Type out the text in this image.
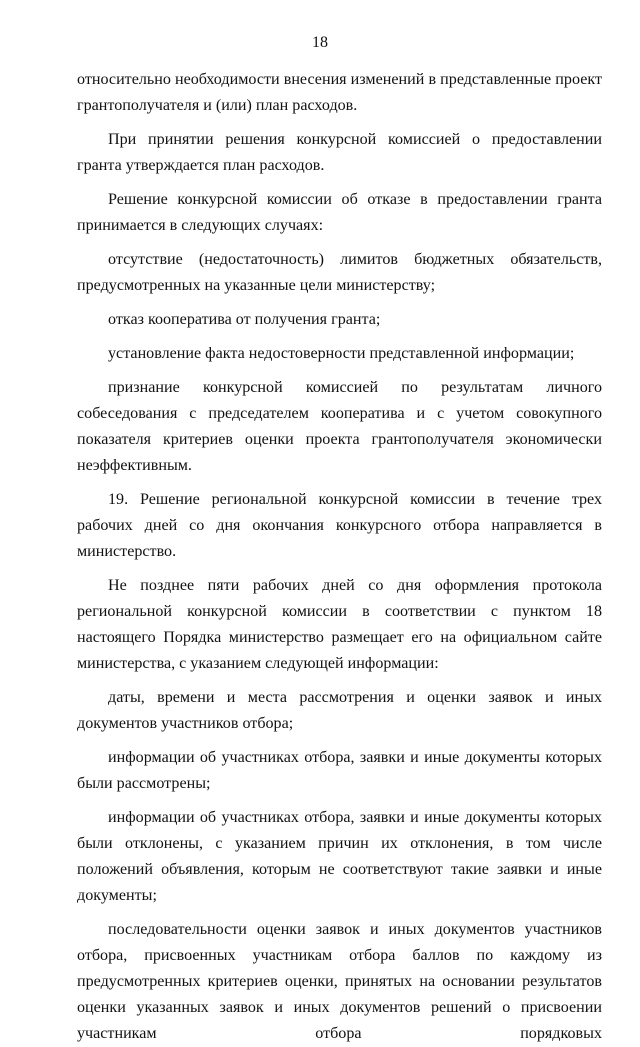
18

относительно необходимости внесения изменений в представленные проект грантополучателя и (или) план расходов.

При принятии решения конкурсной комиссией о предоставлении гранта утверждается план расходов.

Решение конкурсной комиссии об отказе в предоставлении гранта принимается в следующих случаях:

отсутствие (недостаточность) лимитов бюджетных обязательств, предусмотренных на указанные цели министерству;

отказ кооператива от получения гранта;

установление факта недостоверности представленной информации;

признание конкурсной комиссией по результатам личного собеседования с председателем кооператива и с учетом совокупного показателя критериев оценки проекта грантополучателя экономически неэффективным.

19. Решение региональной конкурсной комиссии в течение трех рабочих дней со дня окончания конкурсного отбора направляется в министерство.

Не позднее пяти рабочих дней со дня оформления протокола региональной конкурсной комиссии в соответствии с пунктом 18 настоящего Порядка министерство размещает его на официальном сайте министерства, с указанием следующей информации:

даты, времени и места рассмотрения и оценки заявок и иных документов участников отбора;

информации об участниках отбора, заявки и иные документы которых были рассмотрены;

информации об участниках отбора, заявки и иные документы которых были отклонены, с указанием причин их отклонения, в том числе положений объявления, которым не соответствуют такие заявки и иные документы;

последовательности оценки заявок и иных документов участников отбора, присвоенных участникам отбора баллов по каждому из предусмотренных критериев оценки, принятых на основании результатов оценки указанных заявок и иных документов решений о присвоении участникам отбора порядковых
